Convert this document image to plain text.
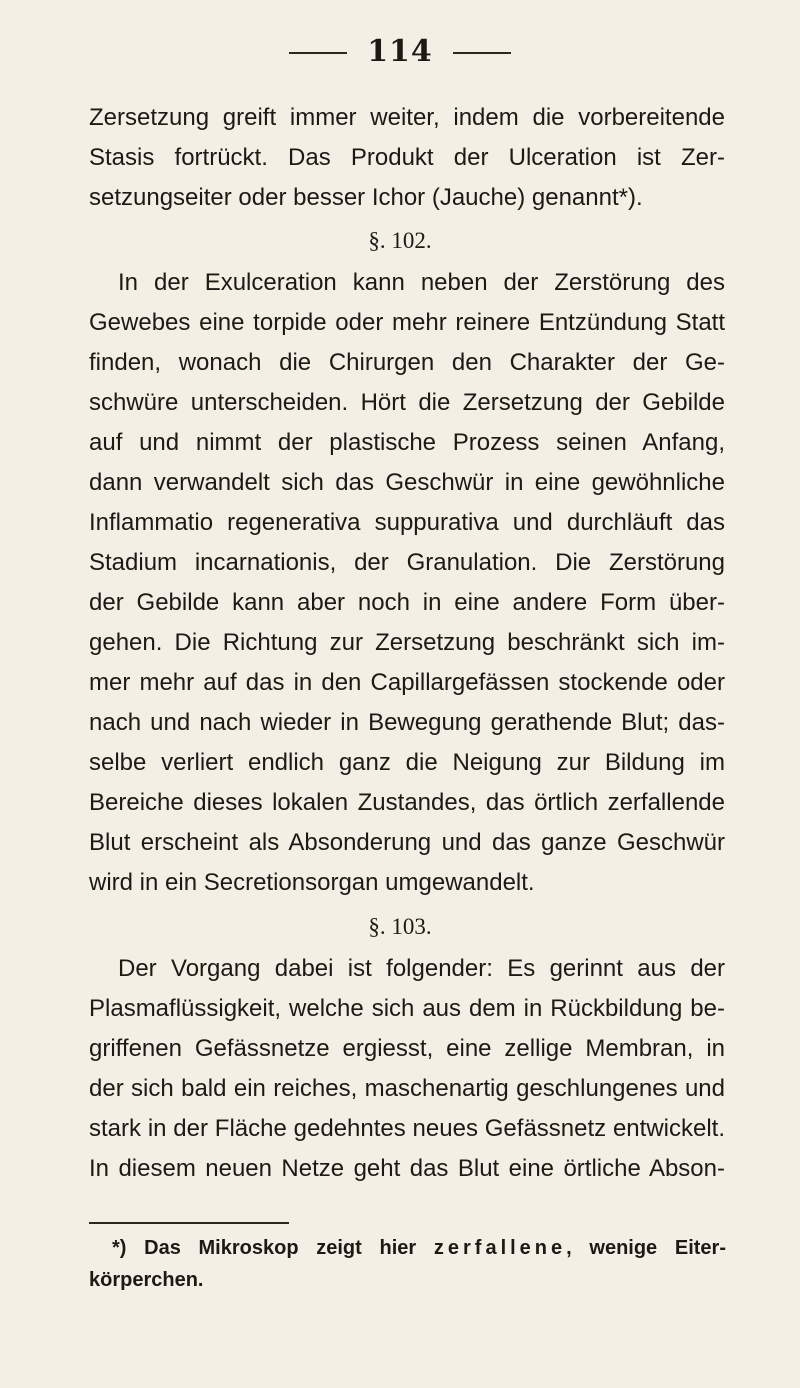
114
Zersetzung greift immer weiter, indem die vorbereitende
Stasis fortrückt. Das Produkt der Ulceration ist Zer-
setzungseiter oder besser Ichor (Jauche) genannt*).
§. 102.
In der Exulceration kann neben der Zerstörung des
Gewebes eine torpide oder mehr reinere Entzündung Statt
finden, wonach die Chirurgen den Charakter der Ge-
schwüre unterscheiden. Hört die Zersetzung der Gebilde
auf und nimmt der plastische Prozess seinen Anfang,
dann verwandelt sich das Geschwür in eine gewöhnliche
Inflammatio regenerativa suppurativa und durchläuft das
Stadium incarnationis, der Granulation. Die Zerstörung
der Gebilde kann aber noch in eine andere Form über-
gehen. Die Richtung zur Zersetzung beschränkt sich im-
mer mehr auf das in den Capillargefässen stockende oder
nach und nach wieder in Bewegung gerathende Blut; das-
selbe verliert endlich ganz die Neigung zur Bildung im
Bereiche dieses lokalen Zustandes, das örtlich zerfallende
Blut erscheint als Absonderung und das ganze Geschwür
wird in ein Secretionsorgan umgewandelt.
§. 103.
Der Vorgang dabei ist folgender: Es gerinnt aus der
Plasmaflüssigkeit, welche sich aus dem in Rückbildung be-
griffenen Gefässnetze ergiesst, eine zellige Membran, in
der sich bald ein reiches, maschenartig geschlungenes und
stark in der Fläche gedehntes neues Gefässnetz entwickelt.
In diesem neuen Netze geht das Blut eine örtliche Abson-
*) Das Mikroskop zeigt hier zerfallene, wenige Eiter-
körperchen.
